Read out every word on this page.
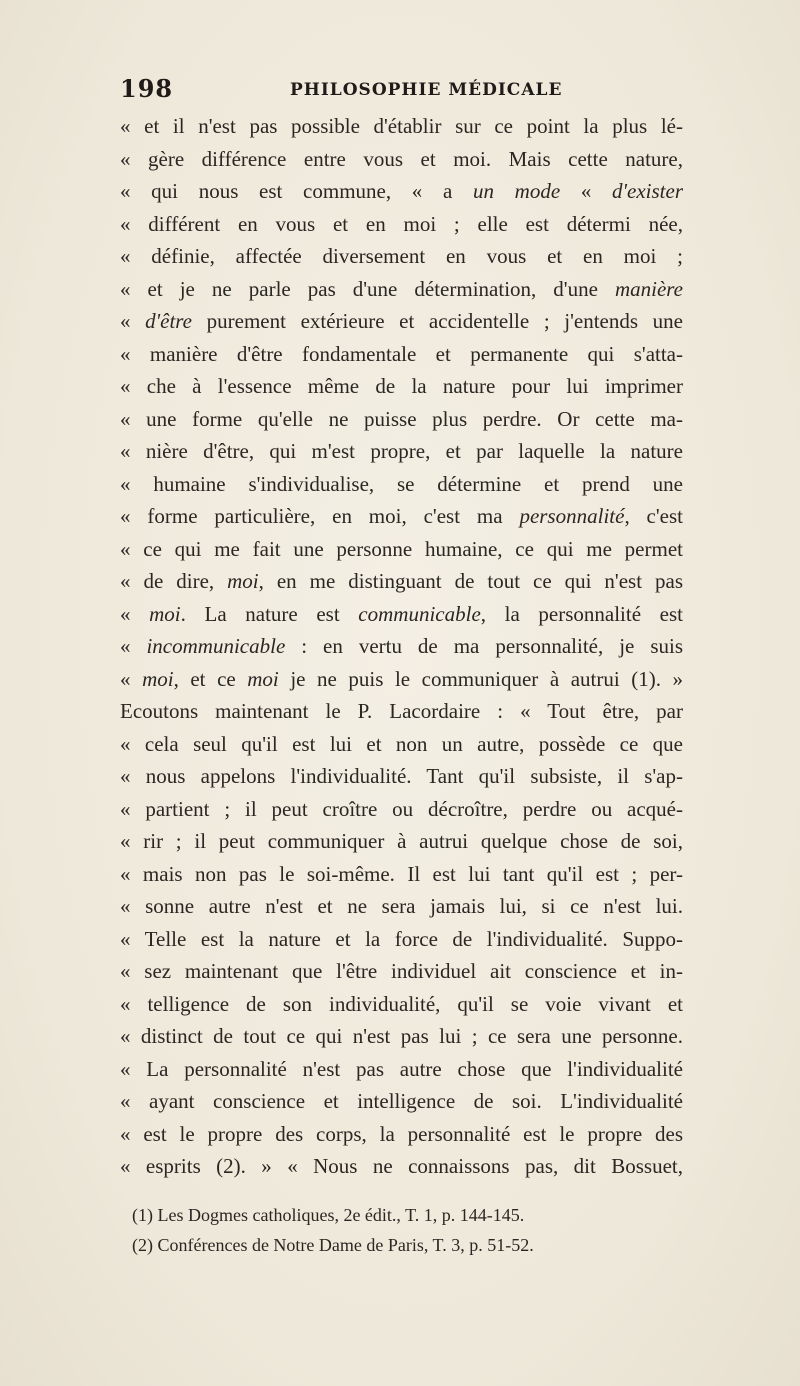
198	PHILOSOPHIE MÉDICALE
« et il n'est pas possible d'établir sur ce point la plus lé-
« gère différence entre vous et moi. Mais cette nature,
« qui nous est commune, « a un mode « d'exister
« différent en vous et en moi ; elle est détermi née,
« définie, affectée diversement en vous et en moi ;
« et je ne parle pas d'une détermination, d'une manière
« d'être purement extérieure et accidentelle ; j'entends une
« manière d'être fondamentale et permanente qui s'atta-
« che à l'essence même de la nature pour lui imprimer
« une forme qu'elle ne puisse plus perdre. Or cette ma-
« nière d'être, qui m'est propre, et par laquelle la nature
« humaine s'individualise, se détermine et prend une
« forme particulière, en moi, c'est ma personnalité, c'est
« ce qui me fait une personne humaine, ce qui me permet
« de dire, moi, en me distinguant de tout ce qui n'est pas
« moi. La nature est communicable, la personnalité est
« incommunicable : en vertu de ma personnalité, je suis
« moi, et ce moi je ne puis le communiquer à autrui (1). »
Ecoutons maintenant le P. Lacordaire : « Tout être, par
« cela seul qu'il est lui et non un autre, possède ce que
« nous appelons l'individualité. Tant qu'il subsiste, il s'ap-
« partient ; il peut croître ou décroître, perdre ou acqué-
« rir ; il peut communiquer à autrui quelque chose de soi,
« mais non pas le soi-même. Il est lui tant qu'il est ; per-
« sonne autre n'est et ne sera jamais lui, si ce n'est lui.
« Telle est la nature et la force de l'individualité. Suppo-
« sez maintenant que l'être individuel ait conscience et in-
« telligence de son individualité, qu'il se voie vivant et
« distinct de tout ce qui n'est pas lui ; ce sera une personne.
« La personnalité n'est pas autre chose que l'individualité
« ayant conscience et intelligence de soi. L'individualité
« est le propre des corps, la personnalité est le propre des
« esprits (2). » « Nous ne connaissons pas, dit Bossuet,
(1) Les Dogmes catholiques, 2e édit., T. 1, p. 144-145.
(2) Conférences de Notre Dame de Paris, T. 3, p. 51-52.
